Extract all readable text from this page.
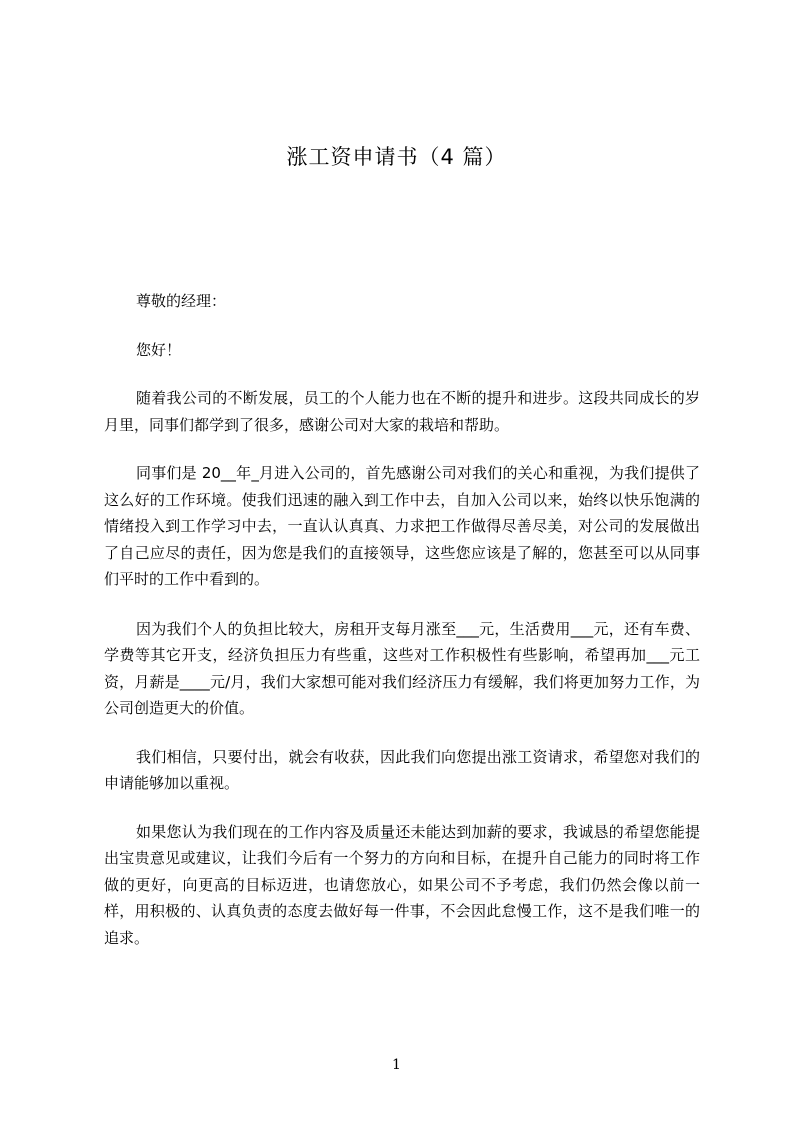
涨工资申请书（4 篇）

尊敬的经理：

您好！

随着我公司的不断发展，员工的个人能力也在不断的提升和进步。这段共同成长的岁月里，同事们都学到了很多，感谢公司对大家的栽培和帮助。

同事们是 20__年_月进入公司的，首先感谢公司对我们的关心和重视，为我们提供了这么好的工作环境。使我们迅速的融入到工作中去，自加入公司以来，始终以快乐饱满的情绪投入到工作学习中去，一直认认真真、力求把工作做得尽善尽美，对公司的发展做出了自己应尽的责任，因为您是我们的直接领导，这些您应该是了解的，您甚至可以从同事们平时的工作中看到的。

因为我们个人的负担比较大，房租开支每月涨至___元，生活费用___元，还有车费、学费等其它开支，经济负担压力有些重，这些对工作积极性有些影响，希望再加___元工资，月薪是____元/月，我们大家想可能对我们经济压力有缓解，我们将更加努力工作，为公司创造更大的价值。

我们相信，只要付出，就会有收获，因此我们向您提出涨工资请求，希望您对我们的申请能够加以重视。

如果您认为我们现在的工作内容及质量还未能达到加薪的要求，我诚恳的希望您能提出宝贵意见或建议，让我们今后有一个努力的方向和目标，在提升自己能力的同时将工作做的更好，向更高的目标迈进，也请您放心，如果公司不予考虑，我们仍然会像以前一样，用积极的、认真负责的态度去做好每一件事，不会因此怠慢工作，这不是我们唯一的追求。

1
